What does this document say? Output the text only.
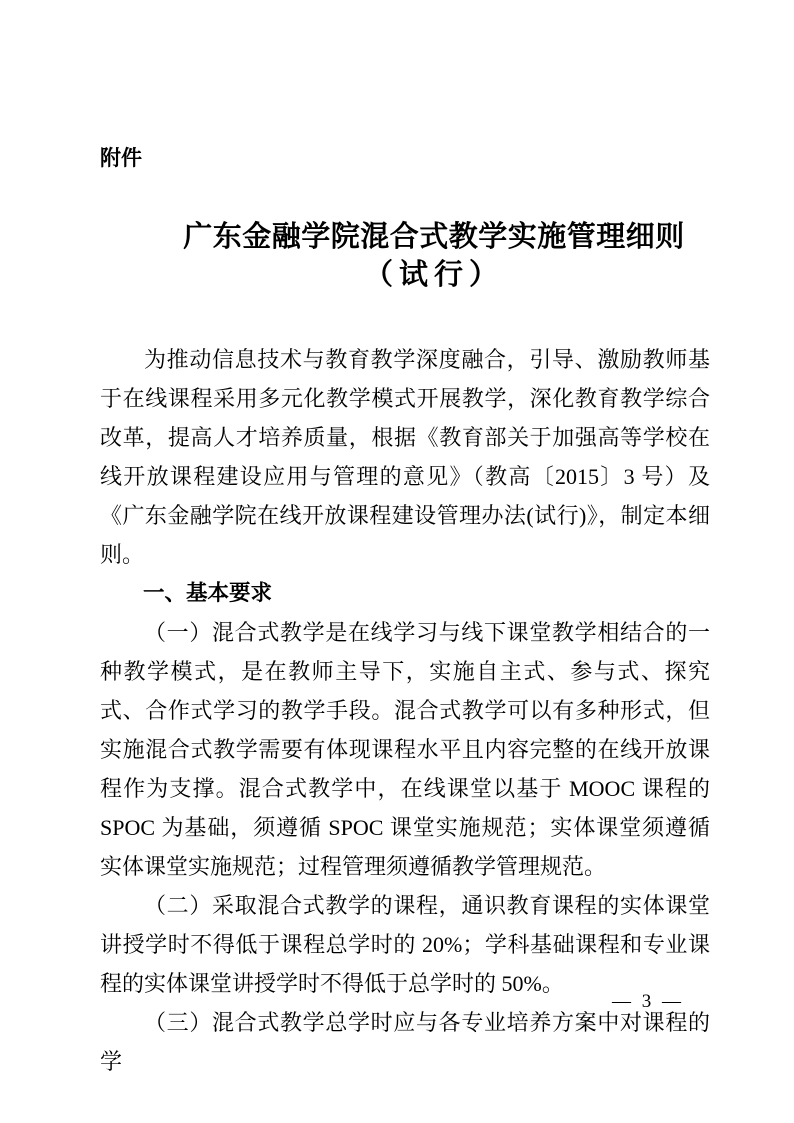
附件
广东金融学院混合式教学实施管理细则
（试行）

为推动信息技术与教育教学深度融合，引导、激励教师基于在线课程采用多元化教学模式开展教学，深化教育教学综合改革，提高人才培养质量，根据《教育部关于加强高等学校在线开放课程建设应用与管理的意见》（教高〔2015〕3 号）及《广东金融学院在线开放课程建设管理办法(试行)》，制定本细则。

一、基本要求

（一）混合式教学是在线学习与线下课堂教学相结合的一种教学模式，是在教师主导下，实施自主式、参与式、探究式、合作式学习的教学手段。混合式教学可以有多种形式，但实施混合式教学需要有体现课程水平且内容完整的在线开放课程作为支撑。混合式教学中，在线课堂以基于 MOOC 课程的 SPOC 为基础，须遵循 SPOC 课堂实施规范；实体课堂须遵循实体课堂实施规范；过程管理须遵循教学管理规范。

（二）采取混合式教学的课程，通识教育课程的实体课堂讲授学时不得低于课程总学时的 20%；学科基础课程和专业课程的实体课堂讲授学时不得低于总学时的 50%。

（三）混合式教学总学时应与各专业培养方案中对课程的学

— 3 —
